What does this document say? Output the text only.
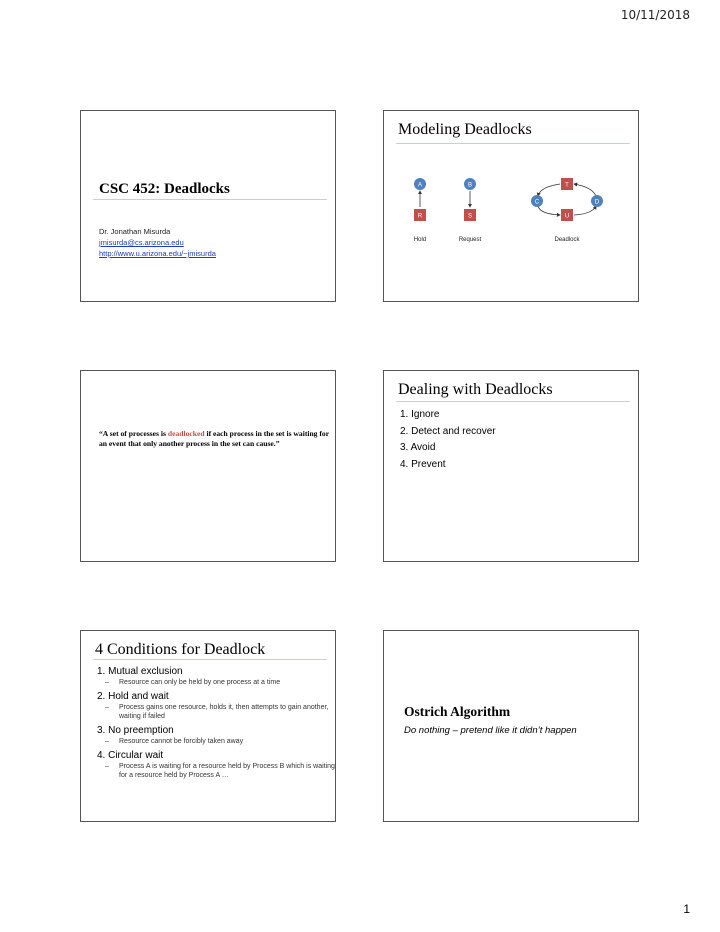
10/11/2018
CSC 452: Deadlocks
Dr. Jonathan Misurda
jmisurda@cs.arizona.edu
http://www.u.arizona.edu/~jmisurda
Modeling Deadlocks
A	B
C	D
R	S
T
U
Hold	Request	Deadlock
“A set of processes is deadlocked if each process in the set is waiting for an event that only another process in the set can cause.”
Dealing with Deadlocks
1. Ignore
2. Detect and recover
3. Avoid
4. Prevent
4 Conditions for Deadlock
1. Mutual exclusion
–	Resource can only be held by one process at a time
2. Hold and wait
–	Process gains one resource, holds it, then attempts to gain another, waiting if failed
3. No preemption
–	Resource cannot be forcibly taken away
4. Circular wait
–	Process A is waiting for a resource held by Process B which is waiting for a resource held by Process A …
Ostrich Algorithm
Do nothing – pretend like it didn’t happen
1
